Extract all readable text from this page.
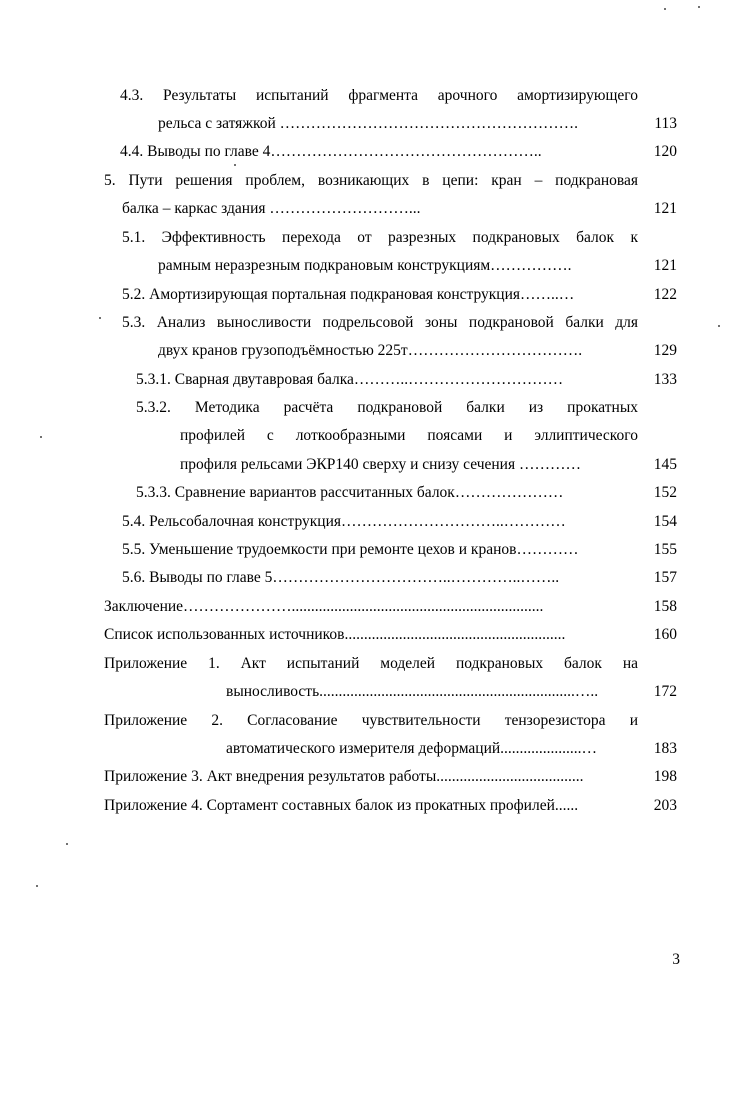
4.3. Результаты испытаний фрагмента арочного амортизирующего
рельса с затяжкой ………………………………………………….	113
4.4. Выводы по главе 4……………………………………………..	120
5. Пути решения проблем, возникающих в цепи: кран – подкрановая
балка – каркас здания ………………………...	121
5.1. Эффективность перехода от разрезных подкрановых балок к
рамным неразрезным подкрановым конструкциям…………….	121
5.2. Амортизирующая портальная подкрановая конструкция……..…	122
5.3. Анализ выносливости подрельсовой зоны подкрановой балки для
двух кранов грузоподъёмностью 225т…………………………….	129
5.3.1. Сварная двутавровая балка………..…………………………	133
5.3.2. Методика расчёта подкрановой балки из прокатных
профилей с лоткообразными поясами и эллиптического
профиля рельсами ЭКР140 сверху и снизу сечения …………	145
5.3.3. Сравнение вариантов рассчитанных балок…………………	152
5.4. Рельсобалочная конструкция…………………………..…………	154
5.5. Уменьшение трудоемкости при ремонте цехов и кранов…………	155
5.6. Выводы по главе 5……………………………..…………..……..	157
Заключение………………….................................................................	158
Список использованных источников.........................................................	160
Приложение 1. Акт испытаний моделей подкрановых балок на
выносливость..................................................................…..	172
Приложение 2. Согласование чувствительности тензорезистора и
автоматического измерителя деформаций.....................…	183
Приложение 3. Акт внедрения результатов работы......................................	198
Приложение 4. Сортамент составных балок из прокатных профилей......	203
3
